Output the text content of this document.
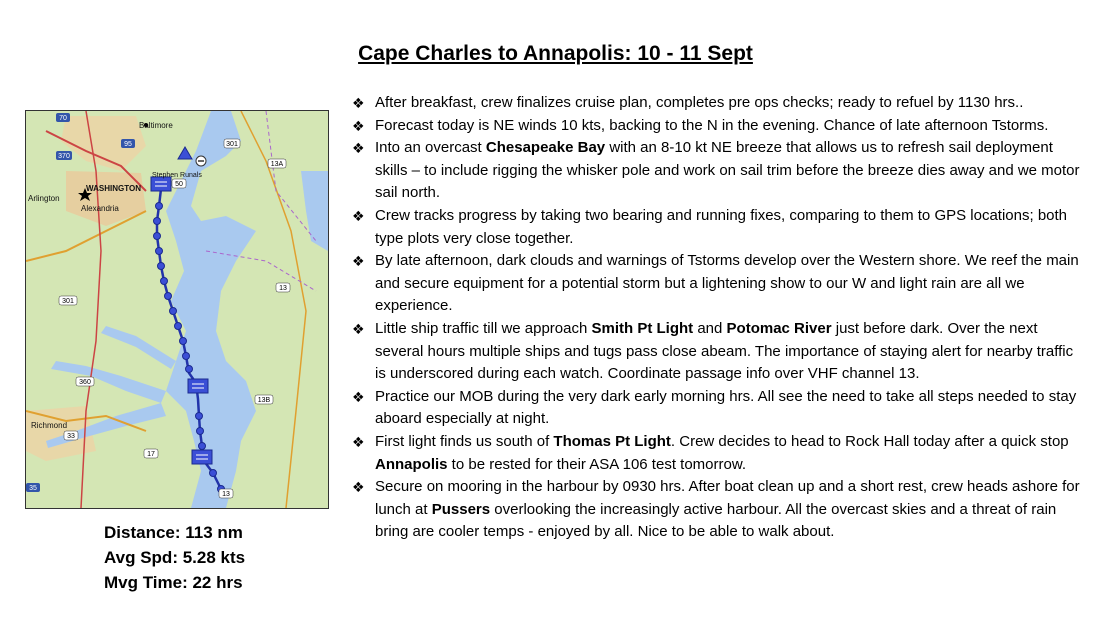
Cape Charles to Annapolis: 10 - 11 Sept
70
95
370
301
13A
50
13
301
360
13B
17
33
13
35
Baltimore
WASHINGTON
Arlington
Alexandria
Stephen Runals
Richmond
Distance: 113 nm
Avg Spd: 5.28 kts
Mvg Time: 22 hrs
❖ After breakfast, crew finalizes cruise plan, completes pre ops checks; ready to refuel by 1130 hrs..
❖ Forecast today is NE winds 10 kts, backing to the N in the evening. Chance of late afternoon Tstorms.
❖ Into an overcast Chesapeake Bay with an 8-10 kt NE breeze that allows us to refresh sail deployment skills – to include rigging the whisker pole and work on sail trim before the breeze dies away and we motor sail north.
❖ Crew tracks progress by taking two bearing and running fixes, comparing to them to GPS locations; both type plots very close together.
❖ By late afternoon, dark clouds and warnings of Tstorms develop over the Western shore. We reef the main and secure equipment for a potential storm but a lightening show to our W and light rain are all we experience.
❖ Little ship traffic till we approach Smith Pt Light and Potomac River just before dark. Over the next several hours multiple ships and tugs pass close abeam. The importance of staying alert for nearby traffic is underscored during each watch. Coordinate passage info over VHF channel 13.
❖ Practice our MOB during the very dark early morning hrs. All see the need to take all steps needed to stay aboard especially at night.
❖ First light finds us south of Thomas Pt Light. Crew decides to head to Rock Hall today after a quick stop Annapolis to be rested for their ASA 106 test tomorrow.
❖ Secure on mooring in the harbour by 0930 hrs. After boat clean up and a short rest, crew heads ashore for lunch at Pussers overlooking the increasingly active harbour. All the overcast skies and a threat of rain bring are cooler temps - enjoyed by all. Nice to be able to walk about.
